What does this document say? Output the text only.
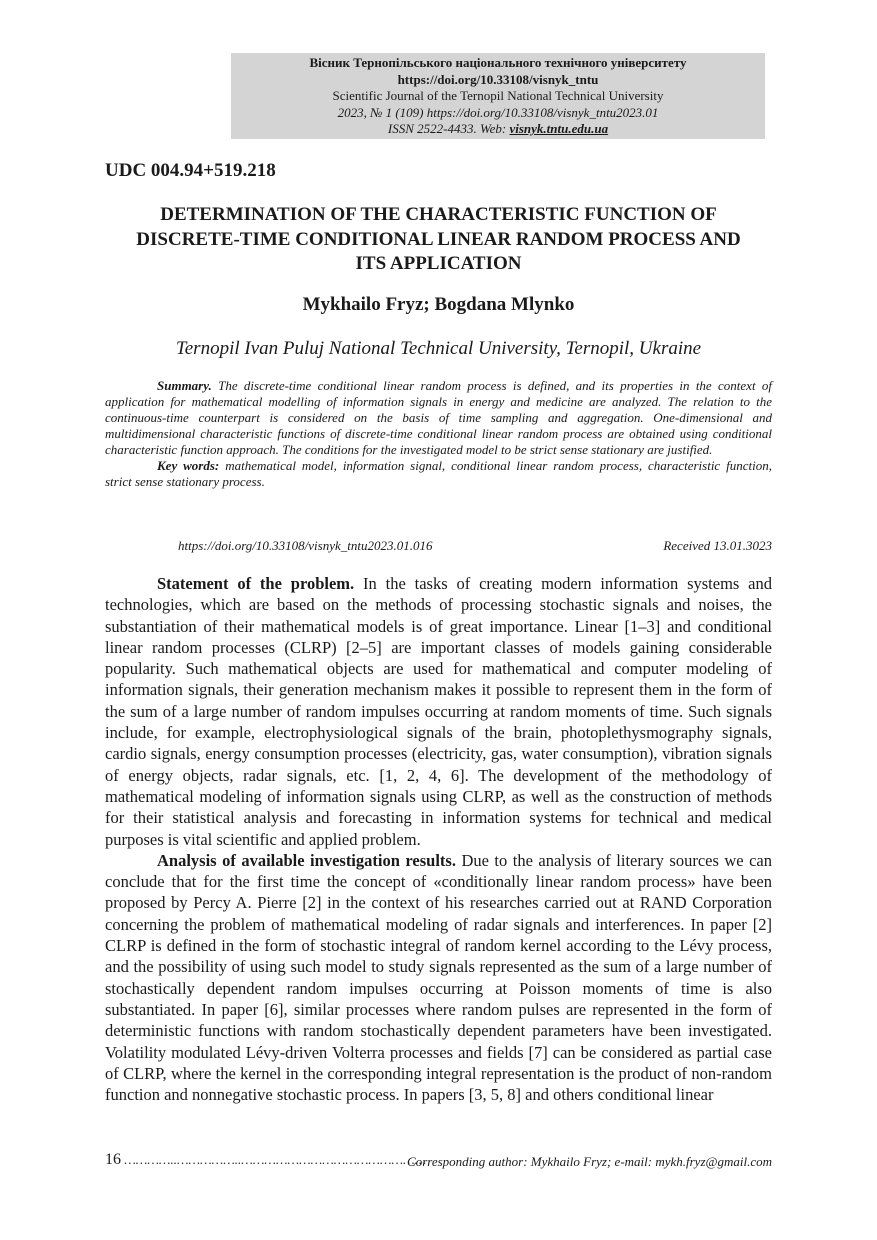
Вісник Тернопільського національного технічного університету
https://doi.org/10.33108/visnyk_tntu
Scientific Journal of the Ternopil National Technical University
2023, № 1 (109) https://doi.org/10.33108/visnyk_tntu2023.01
ISSN 2522-4433. Web: visnyk.tntu.edu.ua
UDC 004.94+519.218
DETERMINATION OF THE CHARACTERISTIC FUNCTION OF
DISCRETE-TIME CONDITIONAL LINEAR RANDOM PROCESS AND
ITS APPLICATION
Mykhailo Fryz; Bogdana Mlynko
Ternopil Ivan Puluj National Technical University, Ternopil, Ukraine

Summary. The discrete-time conditional linear random process is defined, and its properties in the context of application for mathematical modelling of information signals in energy and medicine are analyzed. The relation to the continuous-time counterpart is considered on the basis of time sampling and aggregation. One-dimensional and multidimensional characteristic functions of discrete-time conditional linear random process are obtained using conditional characteristic function approach. The conditions for the investigated model to be strict sense stationary are justified.

Key words: mathematical model, information signal, conditional linear random process, characteristic function, strict sense stationary process.

https://doi.org/10.33108/visnyk_tntu2023.01.016	Received 13.01.3023

Statement of the problem. In the tasks of creating modern information systems and technologies, which are based on the methods of processing stochastic signals and noises, the substantiation of their mathematical models is of great importance. Linear [1–3] and conditional linear random processes (CLRP) [2–5] are important classes of models gaining considerable popularity. Such mathematical objects are used for mathematical and computer modeling of information signals, their generation mechanism makes it possible to represent them in the form of the sum of a large number of random impulses occurring at random moments of time. Such signals include, for example, electrophysiological signals of the brain, photoplethysmography signals, cardio signals, energy consumption processes (electricity, gas, water consumption), vibration signals of energy objects, radar signals, etc. [1, 2, 4, 6]. The development of the methodology of mathematical modeling of information signals using CLRP, as well as the construction of methods for their statistical analysis and forecasting in information systems for technical and medical purposes is vital scientific and applied problem.

Analysis of available investigation results. Due to the analysis of literary sources we can conclude that for the first time the concept of «conditionally linear random process» have been proposed by Percy A. Pierre [2] in the context of his researches carried out at RAND Corporation concerning the problem of mathematical modeling of radar signals and interferences. In paper [2] CLRP is defined in the form of stochastic integral of random kernel according to the Lévy process, and the possibility of using such model to study signals represented as the sum of a large number of stochastically dependent random impulses occurring at Poisson moments of time is also substantiated. In paper [6], similar processes where random pulses are represented in the form of deterministic functions with random stochastically dependent parameters have been investigated. Volatility modulated Lévy-driven Volterra processes and fields [7] can be considered as partial case of CLRP, where the kernel in the corresponding integral representation is the product of non-random function and nonnegative stochastic process. In papers [3, 5, 8] and others conditional linear

16 …………..……………..…………………………………………
Corresponding author: Mykhailo Fryz; e-mail: mykh.fryz@gmail.com
